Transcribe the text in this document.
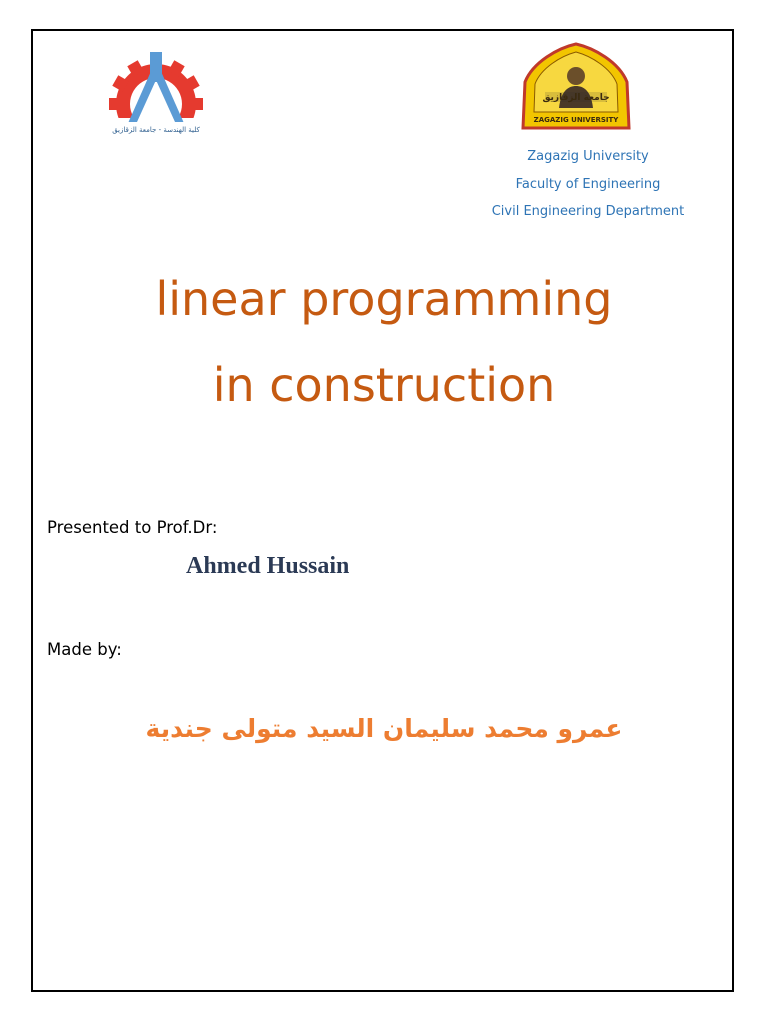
كلية الهندسة - جامعة الزقازيق
جامعة الزقازيق
ZAGAZIG UNIVERSITY
Zagazig University
Faculty of Engineering
Civil Engineering Department
linear programming
in construction
Presented to Prof.Dr:
Ahmed Hussain
Made by:
عمرو محمد سليمان السيد متولى جندية
